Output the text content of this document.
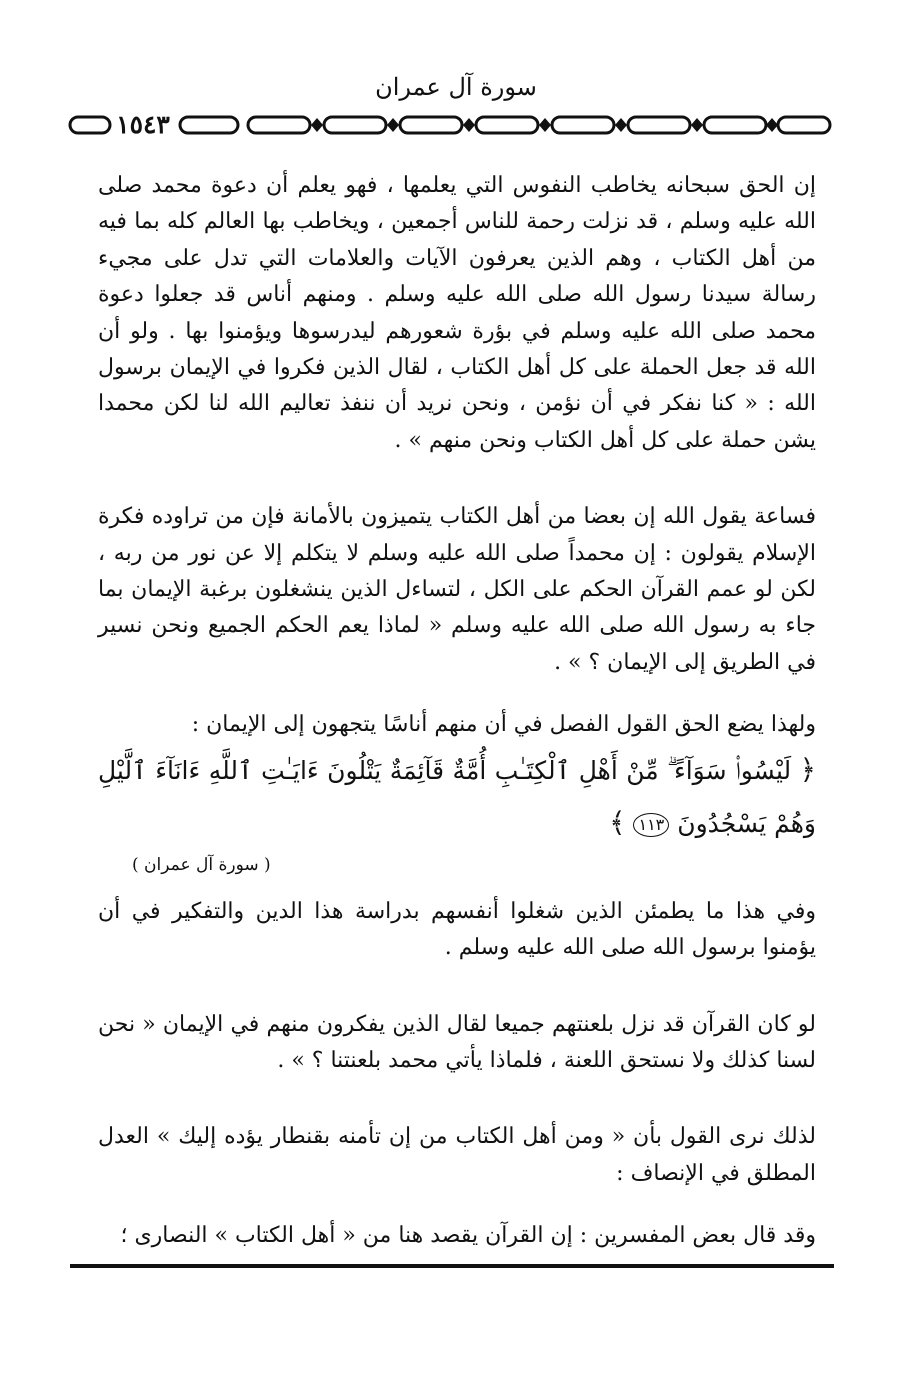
سورة آل عمران
١٥٤٣

إن الحق سبحانه يخاطب النفوس التي يعلمها ، فهو يعلم أن دعوة محمد صلى الله عليه وسلم ، قد نزلت رحمة للناس أجمعين ، ويخاطب بها العالم كله بما فيه من أهل الكتاب ، وهم الذين يعرفون الآيات والعلامات التي تدل على مجيء رسالة سيدنا رسول الله صلى الله عليه وسلم . ومنهم أناس قد جعلوا دعوة محمد صلى الله عليه وسلم في بؤرة شعورهم ليدرسوها ويؤمنوا بها . ولو أن الله قد جعل الحملة على كل أهل الكتاب ، لقال الذين فكروا في الإيمان برسول الله : « كنا نفكر في أن نؤمن ، ونحن نريد أن ننفذ تعاليم الله لنا لكن محمدا يشن حملة على كل أهل الكتاب ونحن منهم » .

فساعة يقول الله إن بعضا من أهل الكتاب يتميزون بالأمانة فإن من تراوده فكرة الإسلام يقولون : إن محمداً صلى الله عليه وسلم لا يتكلم إلا عن نور من ربه ، لكن لو عمم القرآن الحكم على الكل ، لتساءل الذين ينشغلون برغبة الإيمان بما جاء به رسول الله صلى الله عليه وسلم « لماذا يعم الحكم الجميع ونحن نسير في الطريق إلى الإيمان ؟ » .

ولهذا يضع الحق القول الفصل في أن منهم أناسًا يتجهون إلى الإيمان :

﴿ لَيْسُوا۟ سَوَآءً ۗ مِّنْ أَهْلِ ٱلْكِتَـٰبِ أُمَّةٌ قَآئِمَةٌ يَتْلُونَ ءَايَـٰتِ ٱللَّهِ ءَانَآءَ ٱلَّيْلِ وَهُمْ يَسْجُدُونَ ١١٣ ﴾

( سورة آل عمران )

وفي هذا ما يطمئن الذين شغلوا أنفسهم بدراسة هذا الدين والتفكير في أن يؤمنوا برسول الله صلى الله عليه وسلم .

لو كان القرآن قد نزل بلعنتهم جميعا لقال الذين يفكرون منهم في الإيمان « نحن لسنا كذلك ولا نستحق اللعنة ، فلماذا يأتي محمد بلعنتنا ؟ » .

لذلك نرى القول بأن « ومن أهل الكتاب من إن تأمنه بقنطار يؤده إليك » العدل المطلق في الإنصاف :

وقد قال بعض المفسرين : إن القرآن يقصد هنا من « أهل الكتاب » النصارى ؛
